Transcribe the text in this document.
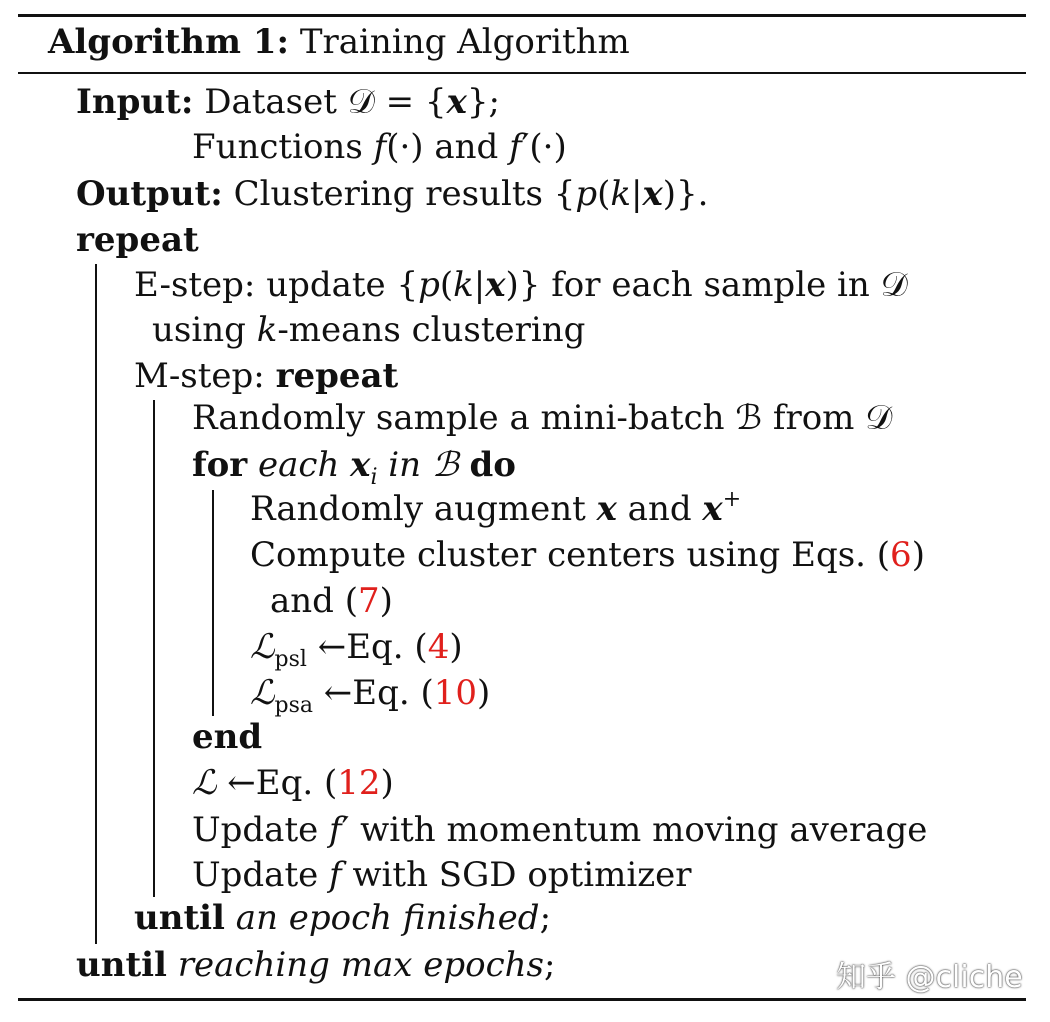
Algorithm 1: Training Algorithm
Input: Dataset 𝒟 = {x};
Functions f(·) and f′(·)
Output: Clustering results {p(k|x)}.
repeat
E-step: update {p(k|x)} for each sample in 𝒟
using k-means clustering
M-step: repeat
Randomly sample a mini-batch ℬ from 𝒟
for each $x_i$ in ℬ do
Randomly augment x and x+
Compute cluster centers using Eqs. (6)
and (7)
ℒ$_{psl}$ ←Eq. (4)
ℒ$_{psa}$ ←Eq. (10)
end
ℒ ←Eq. (12)
Update f′ with momentum moving average
Update f with SGD optimizer
until an epoch finished;
until reaching max epochs;	知乎 @cliche
